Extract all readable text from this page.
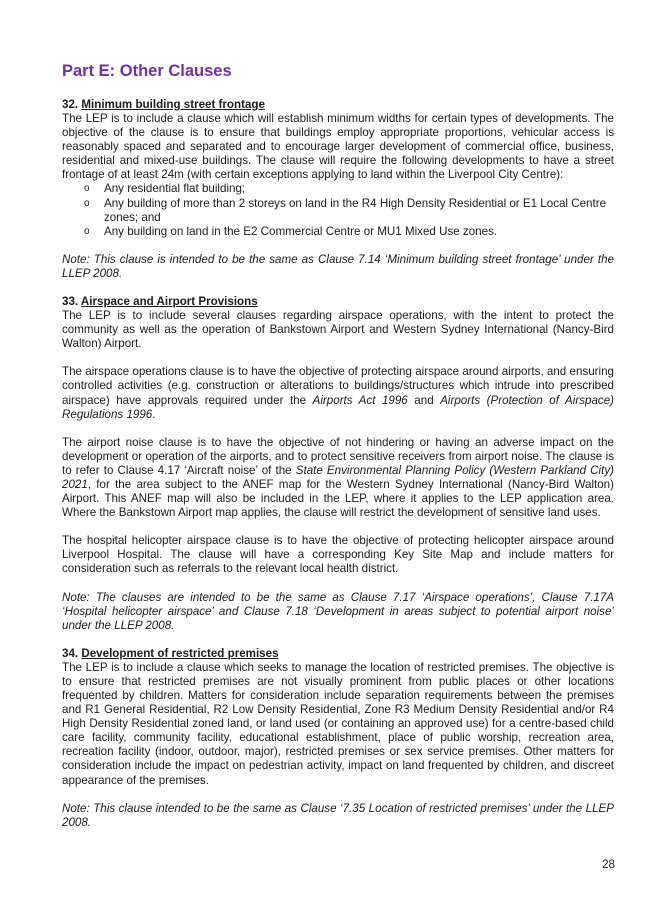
Part E: Other Clauses
32. Minimum building street frontage

The LEP is to include a clause which will establish minimum widths for certain types of developments. The objective of the clause is to ensure that buildings employ appropriate proportions, vehicular access is reasonably spaced and separated and to encourage larger development of commercial office, business, residential and mixed-use buildings. The clause will require the following developments to have a street frontage of at least 24m (with certain exceptions applying to land within the Liverpool City Centre):

o Any residential flat building;
o Any building of more than 2 storeys on land in the R4 High Density Residential or E1 Local Centre zones; and
o Any building on land in the E2 Commercial Centre or MU1 Mixed Use zones.

Note: This clause is intended to be the same as Clause 7.14 ‘Minimum building street frontage’ under the LLEP 2008.

33. Airspace and Airport Provisions

The LEP is to include several clauses regarding airspace operations, with the intent to protect the community as well as the operation of Bankstown Airport and Western Sydney International (Nancy-Bird Walton) Airport.

The airspace operations clause is to have the objective of protecting airspace around airports, and ensuring controlled activities (e.g. construction or alterations to buildings/structures which intrude into prescribed airspace) have approvals required under the Airports Act 1996 and Airports (Protection of Airspace) Regulations 1996.

The airport noise clause is to have the objective of not hindering or having an adverse impact on the development or operation of the airports, and to protect sensitive receivers from airport noise. The clause is to refer to Clause 4.17 ‘Aircraft noise’ of the State Environmental Planning Policy (Western Parkland City) 2021, for the area subject to the ANEF map for the Western Sydney International (Nancy-Bird Walton) Airport. This ANEF map will also be included in the LEP, where it applies to the LEP application area. Where the Bankstown Airport map applies, the clause will restrict the development of sensitive land uses.

The hospital helicopter airspace clause is to have the objective of protecting helicopter airspace around Liverpool Hospital. The clause will have a corresponding Key Site Map and include matters for consideration such as referrals to the relevant local health district.

Note: The clauses are intended to be the same as Clause 7.17 ‘Airspace operations’, Clause 7.17A ‘Hospital helicopter airspace’ and Clause 7.18 ‘Development in areas subject to potential airport noise’ under the LLEP 2008.

34. Development of restricted premises

The LEP is to include a clause which seeks to manage the location of restricted premises. The objective is to ensure that restricted premises are not visually prominent from public places or other locations frequented by children. Matters for consideration include separation requirements between the premises and R1 General Residential, R2 Low Density Residential, Zone R3 Medium Density Residential and/or R4 High Density Residential zoned land, or land used (or containing an approved use) for a centre-based child care facility, community facility, educational establishment, place of public worship, recreation area, recreation facility (indoor, outdoor, major), restricted premises or sex service premises. Other matters for consideration include the impact on pedestrian activity, impact on land frequented by children, and discreet appearance of the premises.

Note: This clause intended to be the same as Clause ‘7.35 Location of restricted premises’ under the LLEP 2008.

28
